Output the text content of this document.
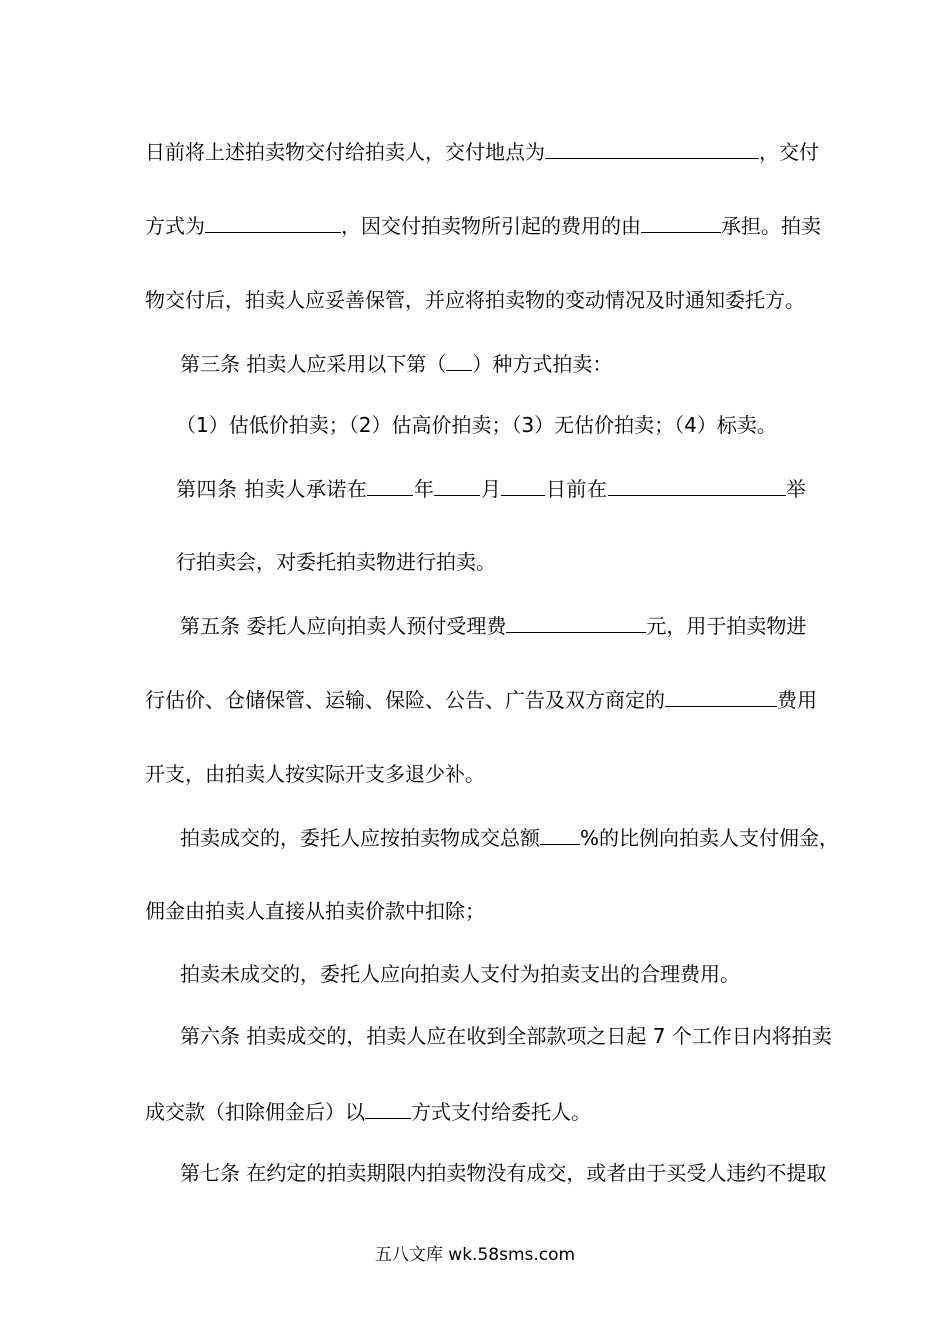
日前将上述拍卖物交付给拍卖人，交付地点为	，交付
方式为	，因交付拍卖物所引起的费用的由	承担。拍卖
物交付后，拍卖人应妥善保管，并应将拍卖物的变动情况及时通知委托方。
第三条 拍卖人应采用以下第（ ）种方式拍卖：
（1）估低价拍卖；（2）估高价拍卖；（3）无估价拍卖；（4）标卖。
第四条 拍卖人承诺在 年 月 日前在	举
行拍卖会，对委托拍卖物进行拍卖。
第五条 委托人应向拍卖人预付受理费	元，用于拍卖物进
行估价、仓储保管、运输、保险、公告、广告及双方商定的	费用
开支，由拍卖人按实际开支多退少补。
拍卖成交的，委托人应按拍卖物成交总额 %的比例向拍卖人支付佣金，
佣金由拍卖人直接从拍卖价款中扣除；
拍卖未成交的，委托人应向拍卖人支付为拍卖支出的合理费用。
第六条 拍卖成交的，拍卖人应在收到全部款项之日起 7 个工作日内将拍卖
成交款（扣除佣金后）以 方式支付给委托人。
第七条 在约定的拍卖期限内拍卖物没有成交，或者由于买受人违约不提取
五八文库 wk.58sms.com
